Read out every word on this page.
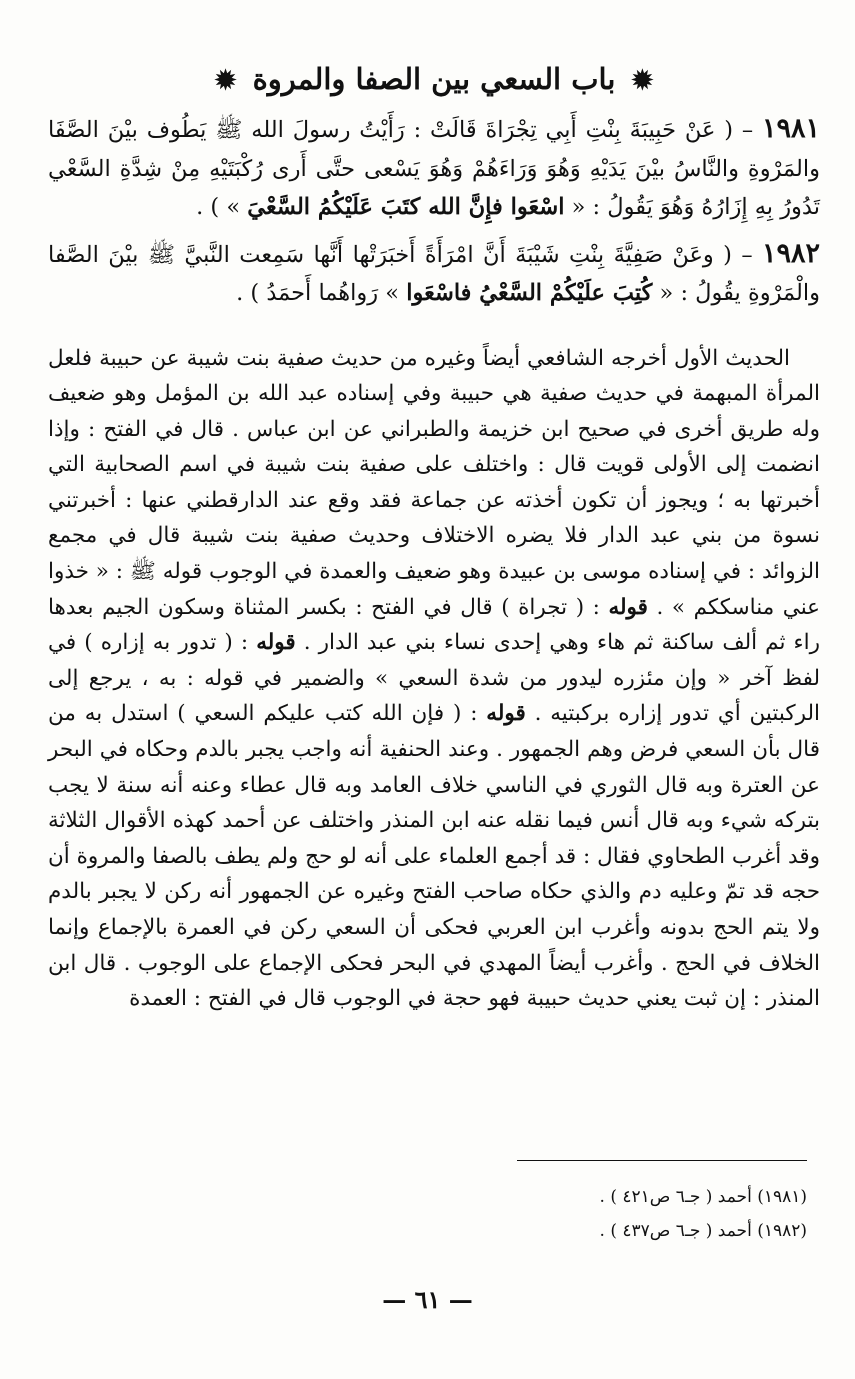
✹ باب السعي بين الصفا والمروة ✹

١٩٨١ – ( عَنْ حَبِيبَةَ بِنْتِ أَبِي تِجْرَاةَ قَالَتْ : رَأَيْتُ رسولَ الله ﷺ يَطُوف بيْنَ الصَّفَا والمَرْوةِ والنَّاسُ بيْنَ يَدَيْهِ وَهُوَ وَرَاءَهُمْ وَهُوَ يَسْعى حتَّى أَرى رُكْبَتَيْهِ مِنْ شِدَّةِ السَّعْي تَدُورُ بِهِ إِزَارُهُ وَهُوَ يَقُولُ : « اسْعَوا فإِنَّ الله كتَبَ عَلَيْكُمُ السَّعْيَ » ) .

١٩٨٢ – ( وعَنْ صَفِيَّةَ بِنْتِ شَيْبَةَ أَنَّ امْرَأَةً أَخبَرَتْها أَنَّها سَمِعت النَّبيَّ ﷺ بيْنَ الصَّفا والْمَرْوةِ يقُولُ : « كُتِبَ علَيْكُمْ السَّعْيُ فاسْعَوا » رَواهُما أَحمَدُ ) .

الحديث الأول أخرجه الشافعي أيضاً وغيره من حديث صفية بنت شيبة عن حبيبة فلعل المرأة المبهمة في حديث صفية هي حبيبة وفي إسناده عبد الله بن المؤمل وهو ضعيف وله طريق أخرى في صحيح ابن خزيمة والطبراني عن ابن عباس . قال في الفتح : وإذا انضمت إلى الأولى قويت قال : واختلف على صفية بنت شيبة في اسم الصحابية التي أخبرتها به ؛ ويجوز أن تكون أخذته عن جماعة فقد وقع عند الدارقطني عنها : أخبرتني نسوة من بني عبد الدار فلا يضره الاختلاف وحديث صفية بنت شيبة قال في مجمع الزوائد : في إسناده موسى بن عبيدة وهو ضعيف والعمدة في الوجوب قوله ﷺ : « خذوا عني مناسككم » . قوله : ( تجراة ) قال في الفتح : بكسر المثناة وسكون الجيم بعدها راء ثم ألف ساكنة ثم هاء وهي إحدى نساء بني عبد الدار . قوله : ( تدور به إزاره ) في لفظ آخر « وإن مئزره ليدور من شدة السعي » والضمير في قوله : به ، يرجع إلى الركبتين أي تدور إزاره بركبتيه . قوله : ( فإن الله كتب عليكم السعي ) استدل به من قال بأن السعي فرض وهم الجمهور . وعند الحنفية أنه واجب يجبر بالدم وحكاه في البحر عن العترة وبه قال الثوري في الناسي خلاف العامد وبه قال عطاء وعنه أنه سنة لا يجب بتركه شيء وبه قال أنس فيما نقله عنه ابن المنذر واختلف عن أحمد كهذه الأقوال الثلاثة وقد أغرب الطحاوي فقال : قد أجمع العلماء على أنه لو حج ولم يطف بالصفا والمروة أن حجه قد تمّ وعليه دم والذي حكاه صاحب الفتح وغيره عن الجمهور أنه ركن لا يجبر بالدم ولا يتم الحج بدونه وأغرب ابن العربي فحكى أن السعي ركن في العمرة بالإجماع وإنما الخلاف في الحج . وأغرب أيضاً المهدي في البحر فحكى الإجماع على الوجوب . قال ابن المنذر : إن ثبت يعني حديث حبيبة فهو حجة في الوجوب قال في الفتح : العمدة

(١٩٨١) أحمد ( جـ٦ ص٤٢١ ) .
(١٩٨٢) أحمد ( جـ٦ ص٤٣٧ ) .
— ٦١ —
